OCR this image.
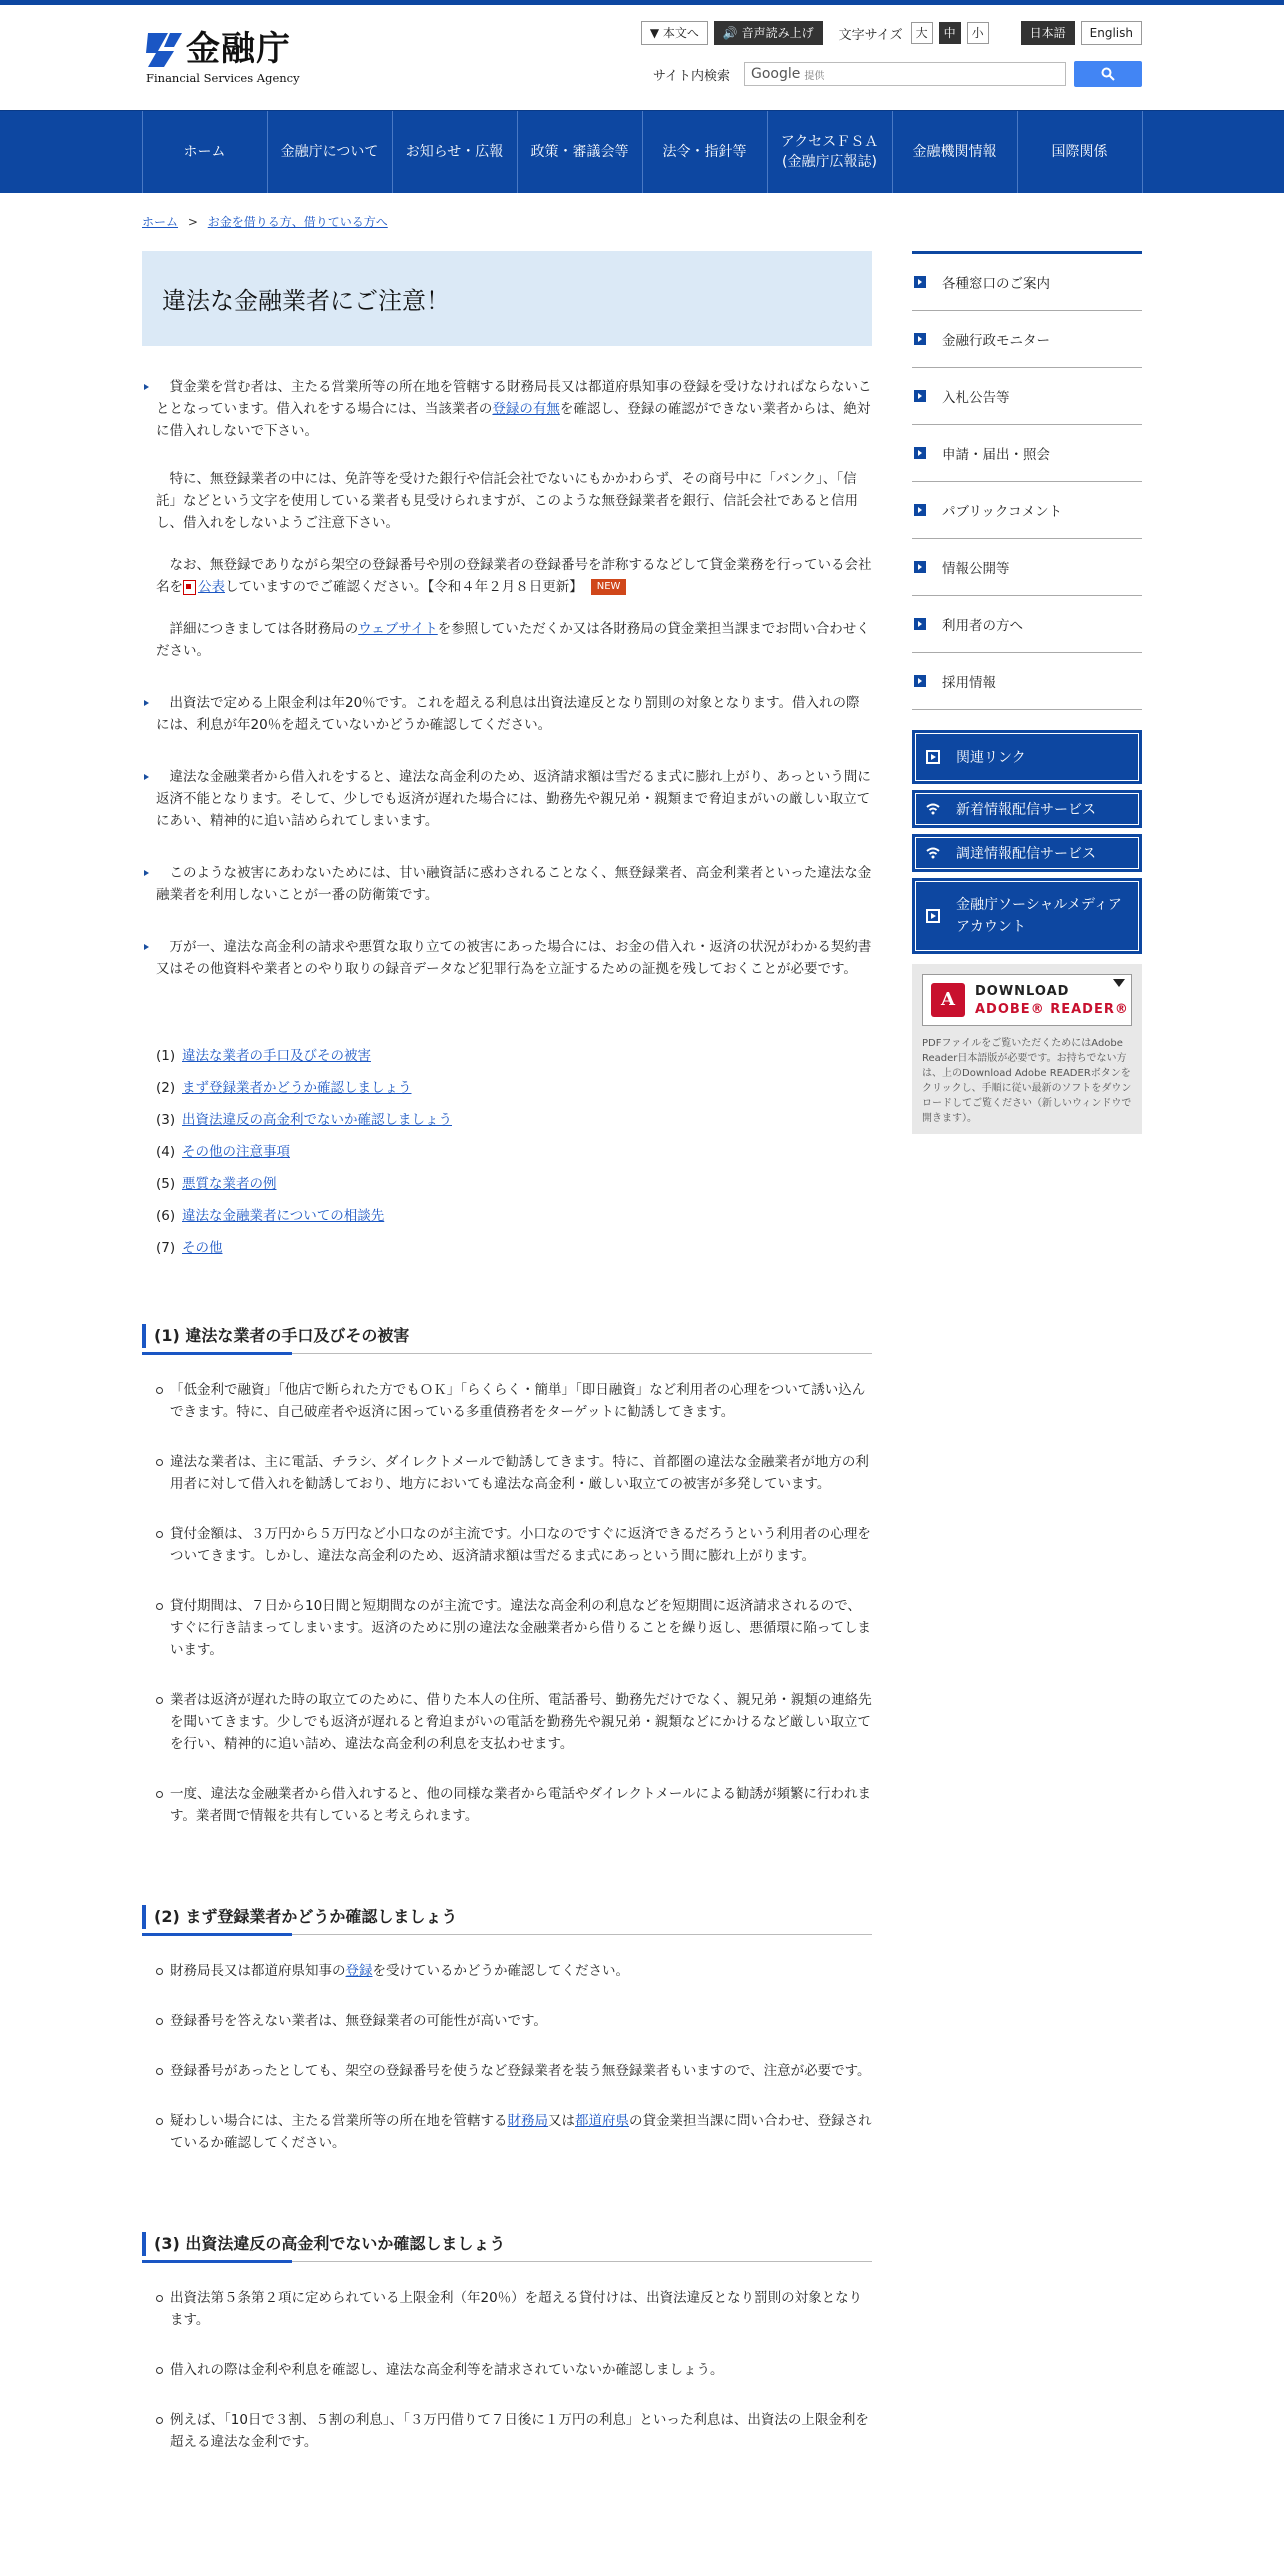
金融庁
Financial Services Agency
▼ 本文へ	🔊 音声読み上げ	文字サイズ	大	中	小	日本語	English
サイト内検索 Google 提供
ホーム	金融庁について	お知らせ・広報	政策・審議会等	法令・指針等
アクセスＦＳＡ
(金融庁広報誌)
金融機関情報	国際関係
ホーム > お金を借りる方、借りている方へ
違法な金融業者にご注意！
　貸金業を営む者は、主たる営業所等の所在地を管轄する財務局長又は都道府県知事の登録を受けなければならないこととなっています。借入れをする場合には、当該業者の登録の有無を確認し、登録の確認ができない業者からは、絶対に借入れしないで下さい。
　特に、無登録業者の中には、免許等を受けた銀行や信託会社でないにもかかわらず、その商号中に「バンク」、「信託」などという文字を使用している業者も見受けられますが、このような無登録業者を銀行、信託会社であると信用し、借入れをしないようご注意下さい。
　なお、無登録でありながら架空の登録番号や別の登録業者の登録番号を詐称するなどして貸金業務を行っている会社名を 公表していますのでご確認ください。【令和４年２月８日更新】 NEW
　詳細につきましては各財務局のウェブサイトを参照していただくか又は各財務局の貸金業担当課までお問い合わせください。
　出資法で定める上限金利は年20％です。これを超える利息は出資法違反となり罰則の対象となります。借入れの際には、利息が年20％を超えていないかどうか確認してください。
　違法な金融業者から借入れをすると、違法な高金利のため、返済請求額は雪だるま式に膨れ上がり、あっという間に返済不能となります。そして、少しでも返済が遅れた場合には、勤務先や親兄弟・親類まで脅迫まがいの厳しい取立てにあい、精神的に追い詰められてしまいます。
　このような被害にあわないためには、甘い融資話に惑わされることなく、無登録業者、高金利業者といった違法な金融業者を利用しないことが一番の防衛策です。
　万が一、違法な高金利の請求や悪質な取り立ての被害にあった場合には、お金の借入れ・返済の状況がわかる契約書又はその他資料や業者とのやり取りの録音データなど犯罪行為を立証するための証拠を残しておくことが必要です。
(1) 違法な業者の手口及びその被害
(2) まず登録業者かどうか確認しましょう
(3) 出資法違反の高金利でないか確認しましょう
(4) その他の注意事項
(5) 悪質な業者の例
(6) 違法な金融業者についての相談先
(7) その他
(1) 違法な業者の手口及びその被害
「低金利で融資」「他店で断られた方でもＯＫ」「らくらく・簡単」「即日融資」など利用者の心理をついて誘い込んできます。特に、自己破産者や返済に困っている多重債務者をターゲットに勧誘してきます。
違法な業者は、主に電話、チラシ、ダイレクトメールで勧誘してきます。特に、首都圏の違法な金融業者が地方の利用者に対して借入れを勧誘しており、地方においても違法な高金利・厳しい取立ての被害が多発しています。
貸付金額は、３万円から５万円など小口なのが主流です。小口なのですぐに返済できるだろうという利用者の心理をついてきます。しかし、違法な高金利のため、返済請求額は雪だるま式にあっという間に膨れ上がります。
貸付期間は、７日から10日間と短期間なのが主流です。違法な高金利の利息などを短期間に返済請求されるので、すぐに行き詰まってしまいます。返済のために別の違法な金融業者から借りることを繰り返し、悪循環に陥ってしまいます。
業者は返済が遅れた時の取立てのために、借りた本人の住所、電話番号、勤務先だけでなく、親兄弟・親類の連絡先を聞いてきます。少しでも返済が遅れると脅迫まがいの電話を勤務先や親兄弟・親類などにかけるなど厳しい取立てを行い、精神的に追い詰め、違法な高金利の利息を支払わせます。
一度、違法な金融業者から借入れすると、他の同様な業者から電話やダイレクトメールによる勧誘が頻繁に行われます。業者間で情報を共有していると考えられます。
(2) まず登録業者かどうか確認しましょう
財務局長又は都道府県知事の登録を受けているかどうか確認してください。
登録番号を答えない業者は、無登録業者の可能性が高いです。
登録番号があったとしても、架空の登録番号を使うなど登録業者を装う無登録業者もいますので、注意が必要です。
疑わしい場合には、主たる営業所等の所在地を管轄する財務局又は都道府県の貸金業担当課に問い合わせ、登録されているか確認してください。
(3) 出資法違反の高金利でないか確認しましょう
出資法第５条第２項に定められている上限金利（年20％）を超える貸付けは、出資法違反となり罰則の対象となります。
借入れの際は金利や利息を確認し、違法な高金利等を請求されていないか確認しましょう。
例えば、「10日で３割、５割の利息」、「３万円借りて７日後に１万円の利息」といった利息は、出資法の上限金利を超える違法な金利です。
各種窓口のご案内
金融行政モニター
入札公告等
申請・届出・照会
パブリックコメント
情報公開等
利用者の方へ
採用情報
関連リンク
新着情報配信サービス
調達情報配信サービス
金融庁ソーシャルメディアアカウント
A
DOWNLOAD
ADOBE® READER®
PDFファイルをご覧いただくためにはAdobe Reader日本語版が必要です。お持ちでない方は、上のDownload Adobe READERボタンをクリックし、手順に従い最新のソフトをダウンロードしてご覧ください（新しいウィンドウで開きます）。
